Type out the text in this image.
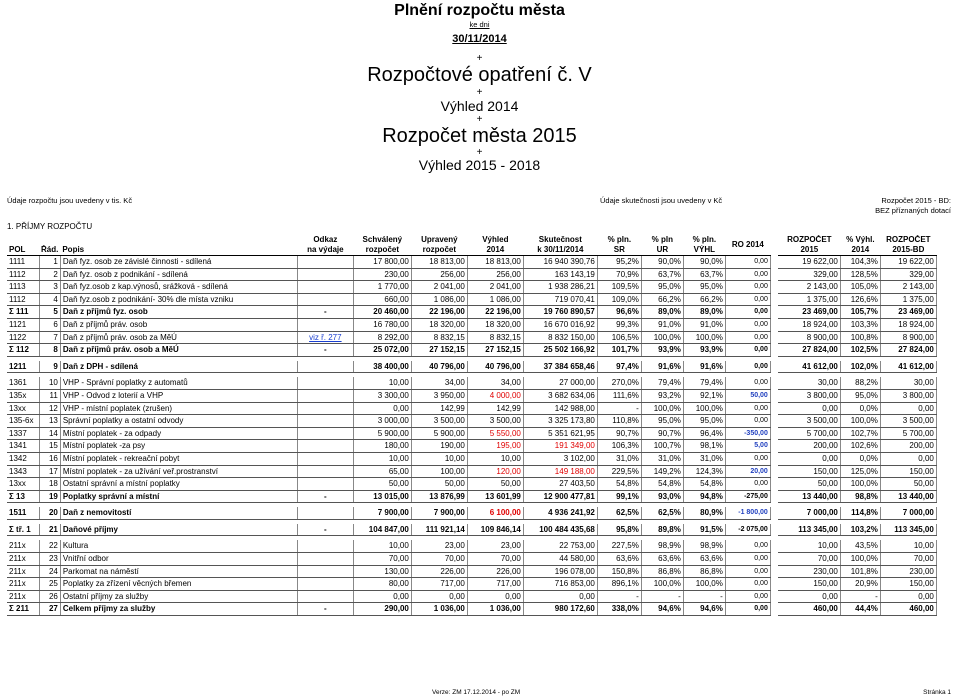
Plnění rozpočtu města
ke dni
30/11/2014
+
Rozpočtové opatření č. V
+
Výhled 2014
+
Rozpočet města 2015
+
Výhled 2015 - 2018
Údaje rozpočtu jsou uvedeny v tis. Kč	Údaje skutečnosti jsou uvedeny v Kč	Rozpočet 2015 - BD:
BEZ příznaných dotací
1. PŘÍJMY ROZPOČTU
			Odkaz	Schválený	Upravený	Výhled	Skutečnost	% pln.	% pln	% pln.	RO 2014		ROZPOČET	% Výhl.	ROZPOČET
POL	Řád.	Popis	na výdaje	rozpočet	rozpočet	2014	k 30/11/2014	SR	UR	VÝHL			2015	2014	2015-BD
1111	1	Daň fyz. osob ze závislé činnosti - sdílená		17 800,00	18 813,00	18 813,00	16 940 390,76	95,2%	90,0%	90,0%	0,00		19 622,00	104,3%	19 622,00
1112	2	Daň fyz. osob z podnikání - sdílená		230,00	256,00	256,00	163 143,19	70,9%	63,7%	63,7%	0,00		329,00	128,5%	329,00
1113	3	Daň fyz.osob z kap.výnosů, srážková - sdílená		1 770,00	2 041,00	2 041,00	1 938 286,21	109,5%	95,0%	95,0%	0,00		2 143,00	105,0%	2 143,00
1112	4	Daň fyz.osob z podnikání- 30% dle místa vzniku		660,00	1 086,00	1 086,00	719 070,41	109,0%	66,2%	66,2%	0,00		1 375,00	126,6%	1 375,00
Σ 111	5	Daň z příjmů fyz. osob	-	20 460,00	22 196,00	22 196,00	19 760 890,57	96,6%	89,0%	89,0%	0,00		23 469,00	105,7%	23 469,00
1121	6	Daň z příjmů práv. osob		16 780,00	18 320,00	18 320,00	16 670 016,92	99,3%	91,0%	91,0%	0,00		18 924,00	103,3%	18 924,00
1122	7	Daň z příjmů práv. osob za MěÚ	viz ř. 277	8 292,00	8 832,15	8 832,15	8 832 150,00	106,5%	100,0%	100,0%	0,00		8 900,00	100,8%	8 900,00
Σ 112	8	Daň z příjmů práv. osob a MěÚ	-	25 072,00	27 152,15	27 152,15	25 502 166,92	101,7%	93,9%	93,9%	0,00		27 824,00	102,5%	27 824,00

1211	9	Daň z DPH - sdílená		38 400,00	40 796,00	40 796,00	37 384 658,46	97,4%	91,6%	91,6%	0,00		41 612,00	102,0%	41 612,00

1361	10	VHP - Správní poplatky z automatů		10,00	34,00	34,00	27 000,00	270,0%	79,4%	79,4%	0,00		30,00	88,2%	30,00
135x	11	VHP - Odvod z loterií a VHP		3 300,00	3 950,00	4 000,00	3 682 634,06	111,6%	93,2%	92,1%	50,00		3 800,00	95,0%	3 800,00
13xx	12	VHP - místní poplatek (zrušen)		0,00	142,99	142,99	142 988,00	-	100,0%	100,0%	0,00		0,00	0,0%	0,00
135-6x	13	Správní poplatky a ostatní odvody		3 000,00	3 500,00	3 500,00	3 325 173,80	110,8%	95,0%	95,0%	0,00		3 500,00	100,0%	3 500,00
1337	14	Místní poplatek - za odpady		5 900,00	5 900,00	5 550,00	5 351 621,95	90,7%	90,7%	96,4%	-350,00		5 700,00	102,7%	5 700,00
1341	15	Místní poplatek -za psy		180,00	190,00	195,00	191 349,00	106,3%	100,7%	98,1%	5,00		200,00	102,6%	200,00
1342	16	Místní poplatek - rekreační pobyt		10,00	10,00	10,00	3 102,00	31,0%	31,0%	31,0%	0,00		0,00	0,0%	0,00
1343	17	Místní poplatek - za užívání veř.prostranství		65,00	100,00	120,00	149 188,00	229,5%	149,2%	124,3%	20,00		150,00	125,0%	150,00
13xx	18	Ostatní správní a místní poplatky		50,00	50,00	50,00	27 403,50	54,8%	54,8%	54,8%	0,00		50,00	100,0%	50,00
Σ 13	19	Poplatky správní a místní	-	13 015,00	13 876,99	13 601,99	12 900 477,81	99,1%	93,0%	94,8%	-275,00		13 440,00	98,8%	13 440,00

1511	20	Daň z nemovitostí		7 900,00	7 900,00	6 100,00	4 936 241,92	62,5%	62,5%	80,9%	-1 800,00		7 000,00	114,8%	7 000,00

Σ tř. 1	21	Daňové příjmy	-	104 847,00	111 921,14	109 846,14	100 484 435,68	95,8%	89,8%	91,5%	-2 075,00		113 345,00	103,2%	113 345,00

211x	22	Kultura		10,00	23,00	23,00	22 753,00	227,5%	98,9%	98,9%	0,00		10,00	43,5%	10,00
211x	23	Vnitřní odbor		70,00	70,00	70,00	44 580,00	63,6%	63,6%	63,6%	0,00		70,00	100,0%	70,00
211x	24	Parkomat na náměstí		130,00	226,00	226,00	196 078,00	150,8%	86,8%	86,8%	0,00		230,00	101,8%	230,00
211x	25	Poplatky za zřízení věcných břemen		80,00	717,00	717,00	716 853,00	896,1%	100,0%	100,0%	0,00		150,00	20,9%	150,00
211x	26	Ostatní příjmy za služby		0,00	0,00	0,00	0,00	-	-	-	0,00		0,00	-	0,00
Σ 211	27	Celkem příjmy za služby	-	290,00	1 036,00	1 036,00	980 172,60	338,0%	94,6%	94,6%	0,00		460,00	44,4%	460,00
Verze: ZM 17.12.2014 - po ZM	Stránka 1
